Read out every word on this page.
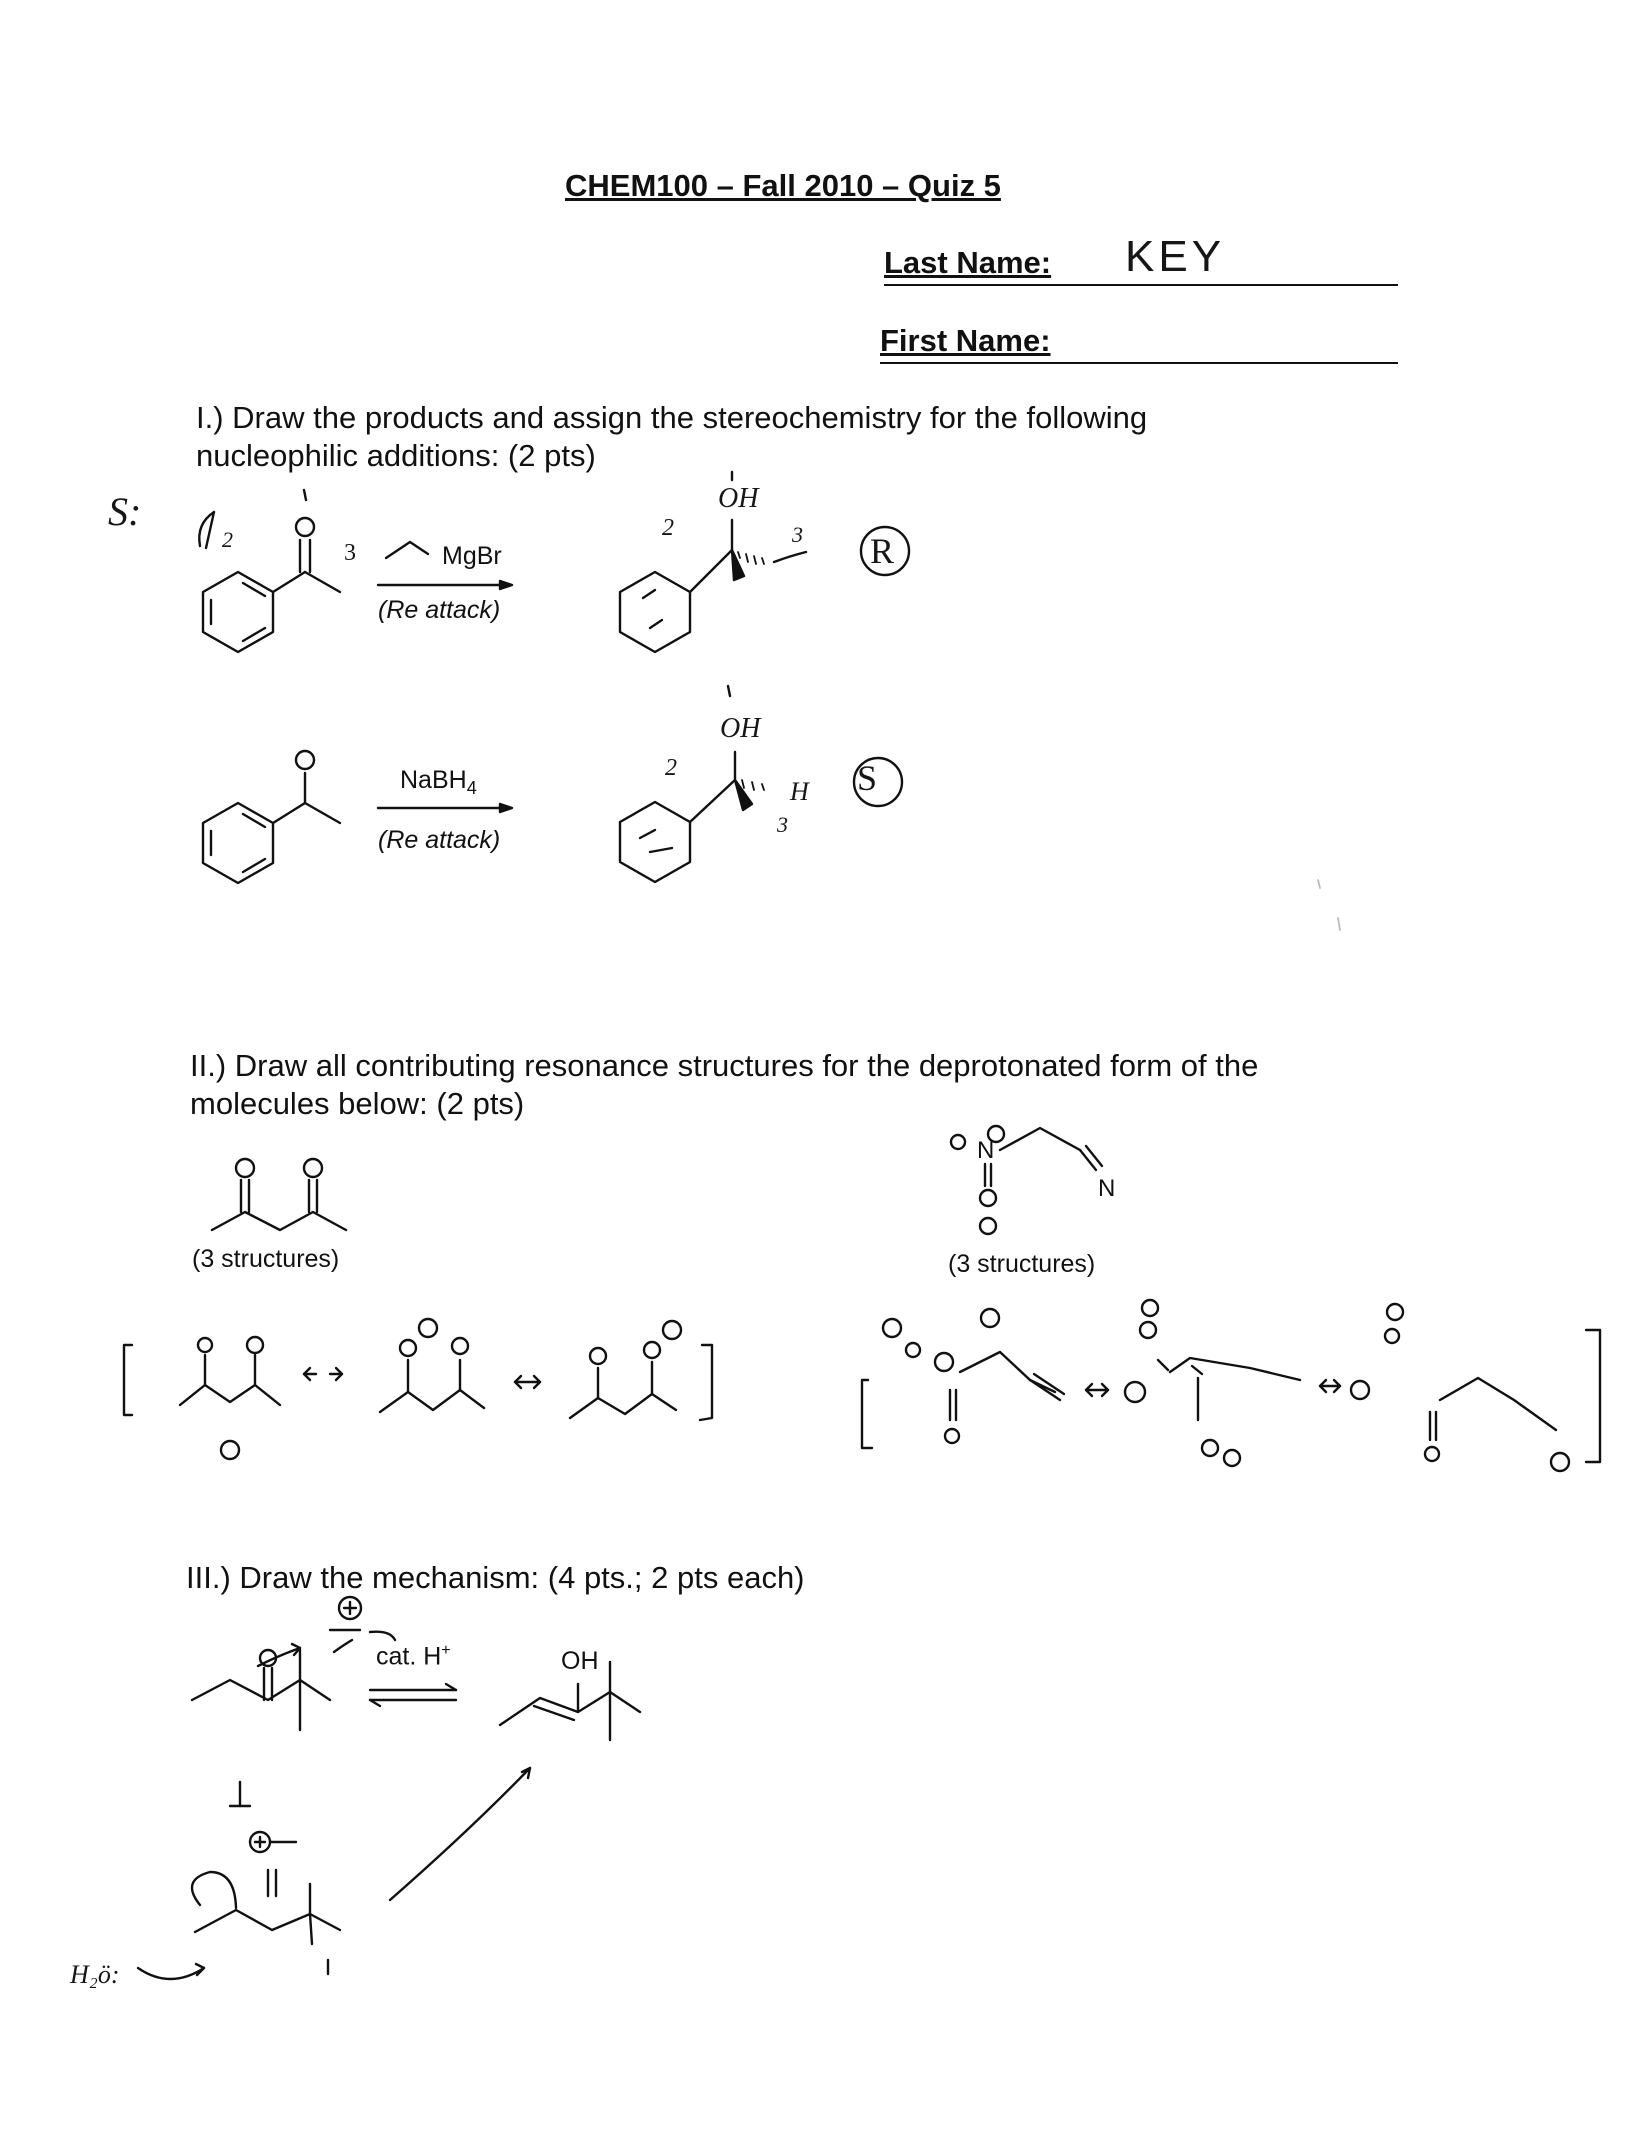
CHEM100 – Fall 2010 – Quiz 5
Last Name: KEY
First Name:
I.) Draw the products and assign the stereochemistry for the following
nucleophilic additions: (2 pts)
S:
MgBr
(Re attack)
NaBH$_4$
(Re attack)
R
S
OH
OH
2	3
2
3
H
2
3
II.) Draw all contributing resonance structures for the deprotonated form of the
molecules below: (2 pts)
(3 structures)	(3 structures)
III.) Draw the mechanism: (4 pts.; 2 pts each)
cat. H+	OH
H₂ö:
N
N
